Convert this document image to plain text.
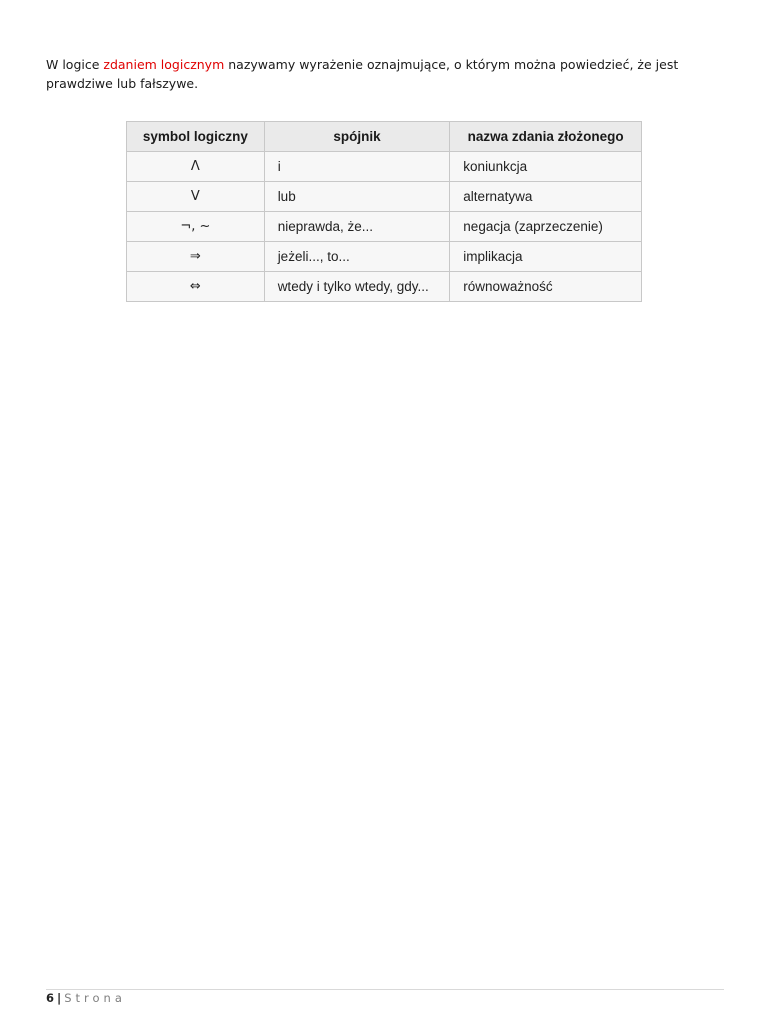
W logice zdaniem logicznym nazywamy wyrażenie oznajmujące, o którym można powiedzieć, że jest prawdziwe lub fałszywe.

symbol logiczny	spójnik	nazwa zdania złożonego
Λ	i	koniunkcja
V	lub	alternatywa
¬, ~	nieprawda, że...	negacja (zaprzeczenie)
⇒	jeżeli..., to...	implikacja
⇔	wtedy i tylko wtedy, gdy...	równoważność
6 | Strona
